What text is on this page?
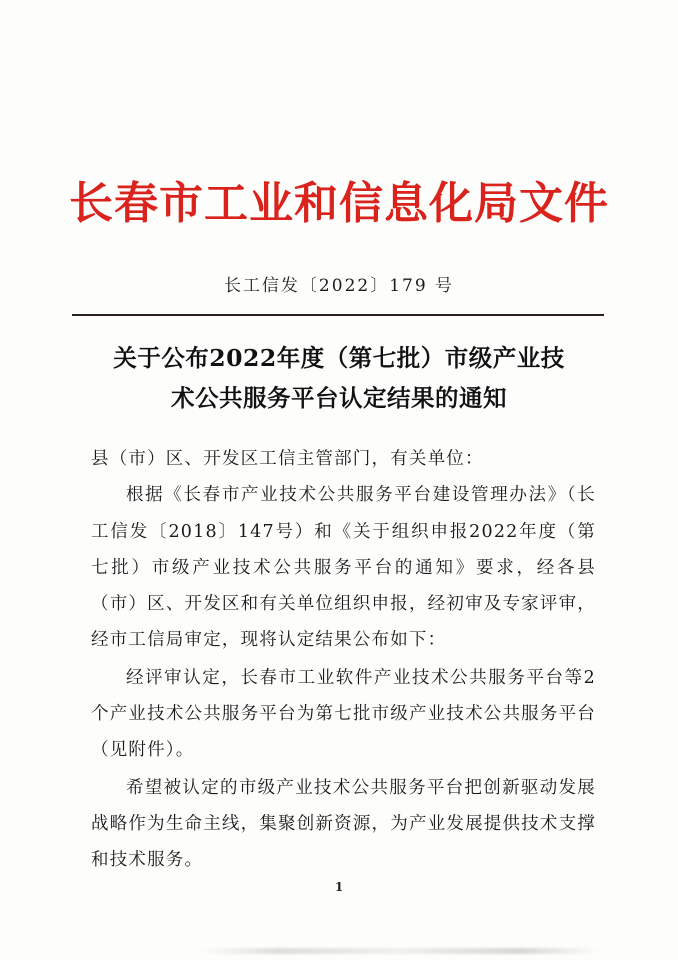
长春市工业和信息化局文件
长工信发〔2022〕179 号
关于公布2022年度（第七批）市级产业技
术公共服务平台认定结果的通知

县（市）区、开发区工信主管部门，有关单位：

根据《长春市产业技术公共服务平台建设管理办法》（长工信发〔2018〕147号）和《关于组织申报2022年度（第七批）市级产业技术公共服务平台的通知》要求，经各县（市）区、开发区和有关单位组织申报，经初审及专家评审，经市工信局审定，现将认定结果公布如下：

经评审认定，长春市工业软件产业技术公共服务平台等2个产业技术公共服务平台为第七批市级产业技术公共服务平台（见附件）。

希望被认定的市级产业技术公共服务平台把创新驱动发展战略作为生命主线，集聚创新资源，为产业发展提供技术支撑和技术服务。

1
